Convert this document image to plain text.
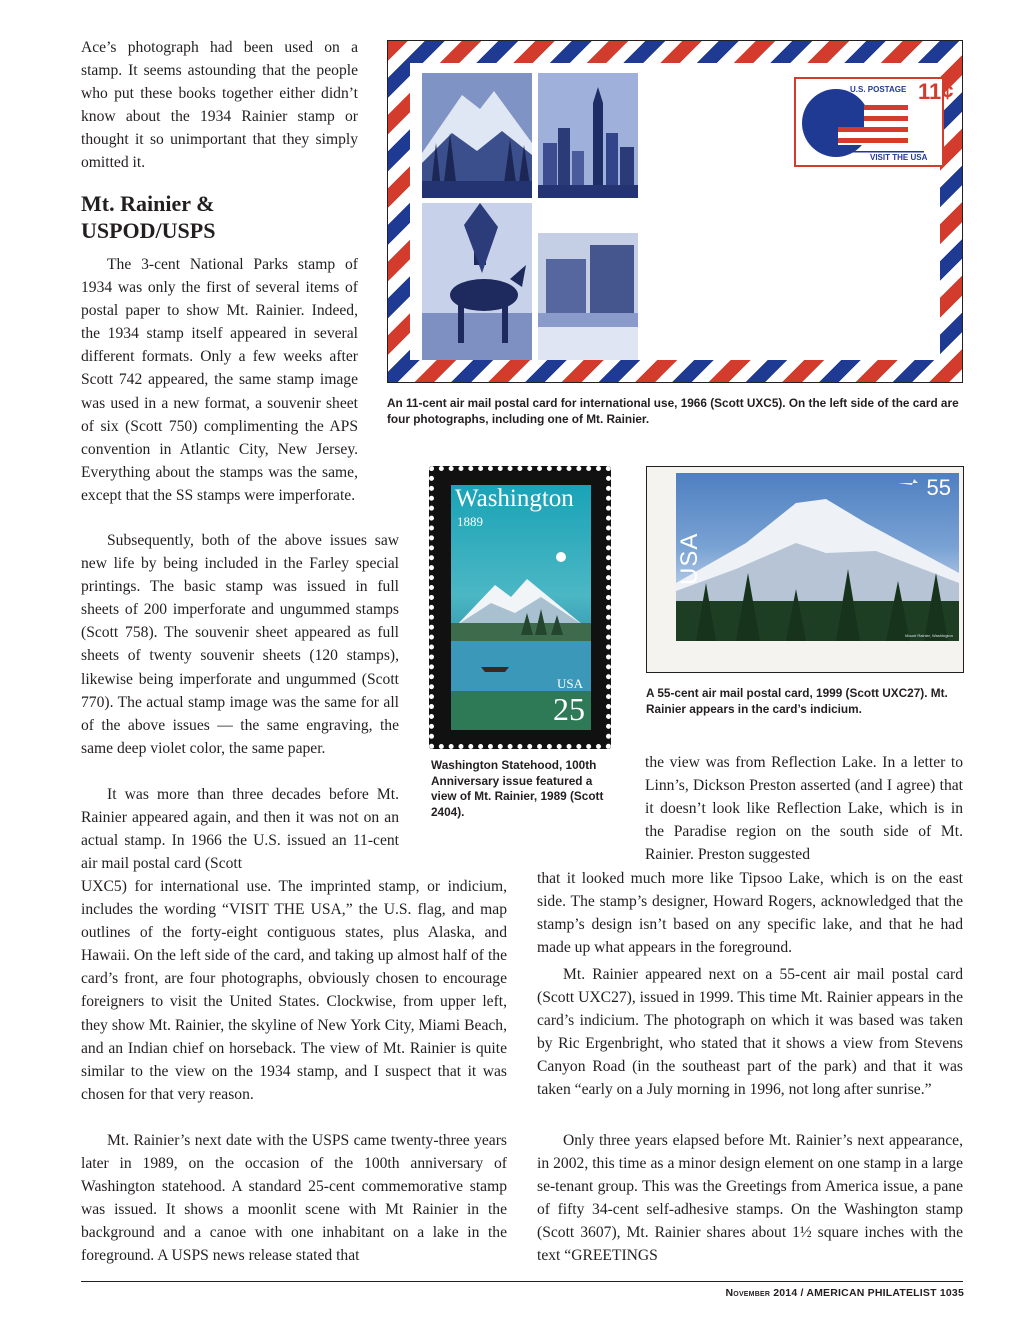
Ace’s photograph had been used on a stamp. It seems astounding that the people who put these books together either didn’t know about the 1934 Rainier stamp or thought it so unimportant that they simply omitted it.

Mt. Rainier &
USPOD/USPS

The 3-cent National Parks stamp of 1934 was only the first of several items of postal paper to show Mt. Rainier. Indeed, the 1934 stamp itself appeared in several different formats. Only a few weeks after Scott 742 appeared, the same stamp image was used in a new format, a souvenir sheet of six (Scott 750) complimenting the APS convention in Atlantic City, New Jersey. Everything about the stamps was the same, except that the SS stamps were imperforate.

Subsequently, both of the above issues saw new life by being included in the Farley special printings. The basic stamp was issued in full sheets of 200 imperforate and ungummed stamps (Scott 758). The souvenir sheet appeared as full sheets of twenty souvenir sheets (120 stamps), likewise being imperforate and ungummed (Scott 770). The actual stamp image was the same for all of the above issues — the same engraving, the same deep violet color, the same paper.

It was more than three decades before Mt. Rainier appeared again, and then it was not on an actual stamp. In 1966 the U.S. issued an 11-cent air mail postal card (Scott

UXC5) for international use. The imprinted stamp, or indicium, includes the wording “VISIT THE USA,” the U.S. flag, and map outlines of the forty-eight contiguous states, plus Alaska, and Hawaii. On the left side of the card, and taking up almost half of the card’s front, are four photographs, obviously chosen to encourage foreigners to visit the United States. Clockwise, from upper left, they show Mt. Rainier, the skyline of New York City, Miami Beach, and an Indian chief on horseback. The view of Mt. Rainier is quite similar to the view on the 1934 stamp, and I suspect that it was chosen for that very reason.

Mt. Rainier’s next date with the USPS came twenty-three years later in 1989, on the occasion of the 100th anniversary of Washington statehood. A standard 25-cent commemorative stamp was issued. It shows a moonlit scene with Mt Rainier in the background and a canoe with one inhabitant on a lake in the foreground. A USPS news release stated that

the view was from Reflection Lake. In a letter to Linn’s, Dickson Preston asserted (and I agree) that it doesn’t look like Reflection Lake, which is in the Paradise region on the south side of Mt. Rainier. Preston suggested

that it looked much more like Tipsoo Lake, which is on the east side. The stamp’s designer, Howard Rogers, acknowledged that the stamp’s design isn’t based on any specific lake, and that he had made up what appears in the foreground.

Mt. Rainier appeared next on a 55-cent air mail postal card (Scott UXC27), issued in 1999. This time Mt. Rainier appears in the card’s indicium. The photograph on which it was based was taken by Ric Ergenbright, who stated that it shows a view from Stevens Canyon Road (in the southeast part of the park) and that it was taken “early on a July morning in 1996, not long after sunrise.”

Only three years elapsed before Mt. Rainier’s next appearance, in 2002, this time as a minor design element on one stamp in a large se-tenant group. This was the Greetings from America issue, a pane of fifty 34-cent self-adhesive stamps. On the Washington stamp (Scott 3607), Mt. Rainier shares about 1½ square inches with the text “GREETINGS

U.S. POSTAGE 11¢
VISIT THE USA

An 11-cent air mail postal card for international use, 1966 (Scott UXC5). On the left side of the card are four photographs, including one of Mt. Rainier.

Washington
1889
USA
25

Washington Statehood, 100th Anniversary issue featured a view of Mt. Rainier, 1989 (Scott 2404).

55
USA
Mount Rainier, Washington

A 55-cent air mail postal card, 1999 (Scott UXC27). Mt. Rainier appears in the card’s indicium.

November 2014 / AMERICAN PHILATELIST 1035
